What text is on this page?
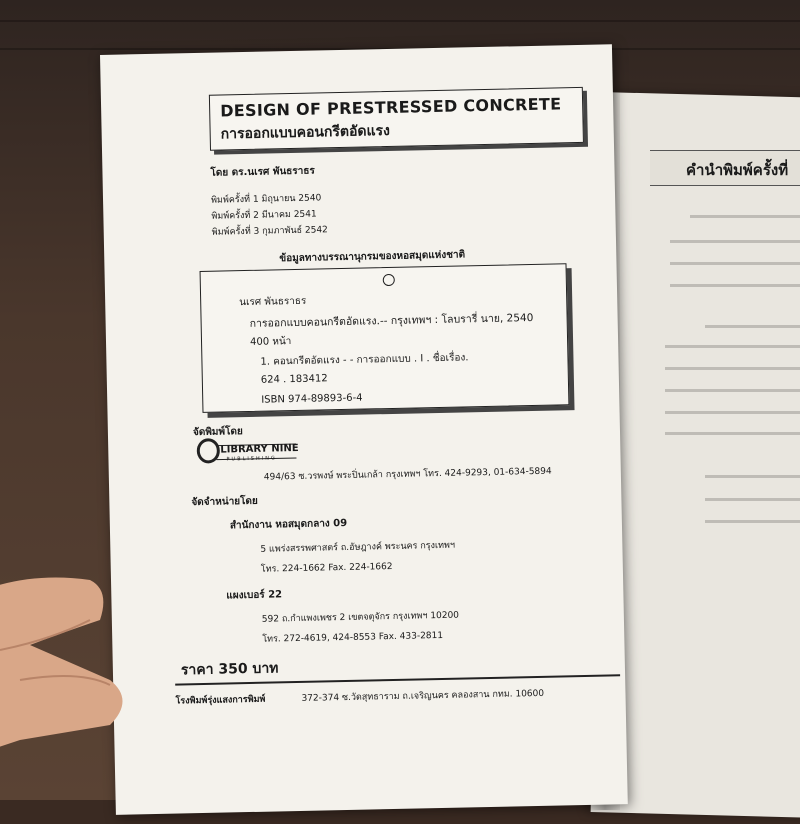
คำนำพิมพ์ครั้งที่
DESIGN OF PRESTRESSED CONCRETE
การออกแบบคอนกรีตอัดแรง
โดย ดร.นเรศ พันธราธร
พิมพ์ครั้งที่ 1 มิถุนายน 2540
พิมพ์ครั้งที่ 2 มีนาคม 2541
พิมพ์ครั้งที่ 3 กุมภาพันธ์ 2542
ข้อมูลทางบรรณานุกรมของหอสมุดแห่งชาติ
นเรศ พันธราธร
การออกแบบคอนกรีตอัดแรง.-- กรุงเทพฯ : โลบรารี่ นาย, 2540
400 หน้า
1. คอนกรีตอัดแรง - - การออกแบบ . I . ชื่อเรื่อง.
624 . 183412
ISBN 974-89893-6-4
จัดพิมพ์โดย
LIBRARY NINE
PUBLISHING
494/63 ซ.วรพงษ์ พระปิ่นเกล้า กรุงเทพฯ โทร. 424-9293, 01-634-5894
จัดจำหน่ายโดย
สำนักงาน หอสมุดกลาง 09
5 แพร่งสรรพศาสตร์ ถ.อัษฎางค์ พระนคร กรุงเทพฯ
โทร. 224-1662 Fax. 224-1662
แผงเบอร์ 22
592 ถ.กำแพงเพชร 2 เขตจตุจักร กรุงเทพฯ 10200
โทร. 272-4619, 424-8553 Fax. 433-2811
ราคา 350 บาท
โรงพิมพ์รุ่งแสงการพิมพ์	372-374 ซ.วัดสุทธาราม ถ.เจริญนคร คลองสาน กทม. 10600
